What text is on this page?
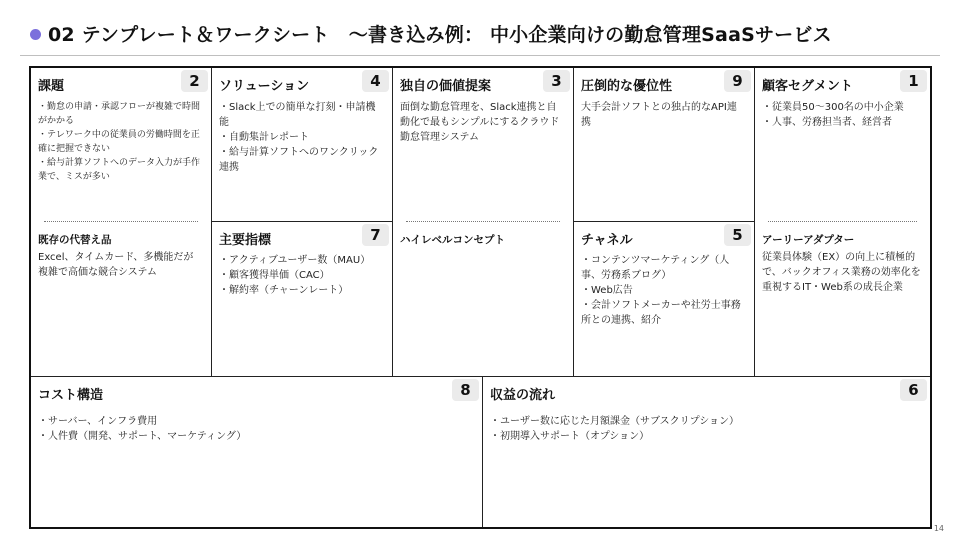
02 テンプレート＆ワークシート　～書き込み例： 中小企業向けの勤怠管理SaaSサービス
課題	2
・勤怠の申請・承認フローが複雑で時間がかかる
・テレワーク中の従業員の労働時間を正確に把握できない
・給与計算ソフトへのデータ入力が手作業で、ミスが多い
既存の代替え品
Excel、タイムカード、多機能だが複雑で高価な競合システム
ソリューション	4
・Slack上での簡単な打刻・申請機能
・自動集計レポート
・給与計算ソフトへのワンクリック連携
主要指標	7
・アクティブユーザー数（MAU）
・顧客獲得単価（CAC）
・解約率（チャーンレート）
独自の価値提案	3
面倒な勤怠管理を、Slack連携と自動化で最もシンプルにするクラウド勤怠管理システム
ハイレベルコンセプト
圧倒的な優位性	9
大手会計ソフトとの独占的なAPI連携
チャネル	5
・コンテンツマーケティング（人事、労務系ブログ）
・Web広告
・会計ソフトメーカーや社労士事務所との連携、紹介
顧客セグメント	1
・従業員50～300名の中小企業
・人事、労務担当者、経営者
アーリーアダプター
従業員体験（EX）の向上に積極的で、バックオフィス業務の効率化を重視するIT・Web系の成長企業
コスト構造	8
・サーバー、インフラ費用
・人件費（開発、サポート、マーケティング）
収益の流れ	6
・ユーザー数に応じた月額課金（サブスクリプション）
・初期導入サポート（オプション）
14
